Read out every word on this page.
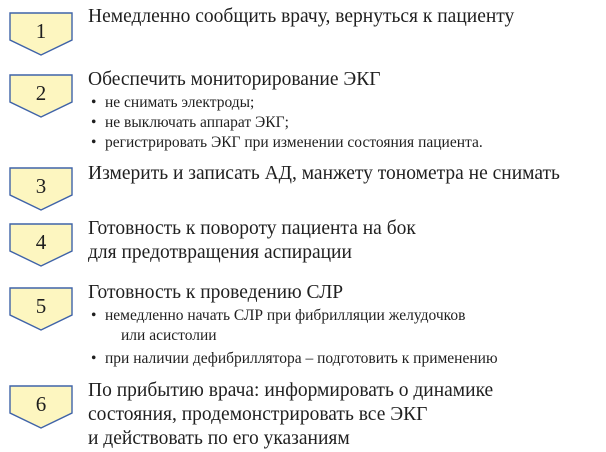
1
Немедленно сообщить врачу, вернуться к пациенту
2
Обеспечить мониторирование ЭКГ
• не снимать электроды;
• не выключать аппарат ЭКГ;
• регистрировать ЭКГ при изменении состояния пациента.
3
Измерить и записать АД, манжету тонометра не снимать
4
Готовность к повороту пациента на бок
для предотвращения аспирации
5
Готовность к проведению СЛР
• немедленно начать СЛР при фибрилляции желудочков
или асистолии
• при наличии дефибриллятора – подготовить к применению
6
По прибытию врача: информировать о динамике
состояния, продемонстрировать все ЭКГ
и действовать по его указаниям
